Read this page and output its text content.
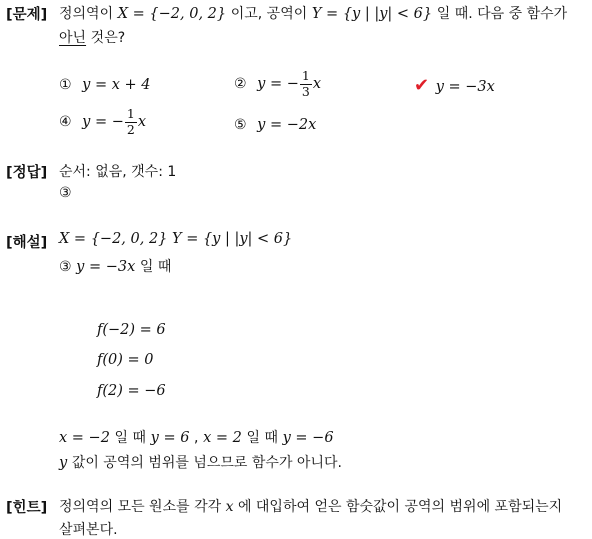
[문제] 정의역이 X = {−2, 0, 2} 이고, 공역이 Y = {y | |y| < 6} 일 때. 다음 중 함수가
아닌 것은?
① y = x + 4	② y = − $\frac{1}{3}$ x	✔ y = −3x
④ y = − $\frac{1}{2}$ x	⑤ y = −2x
[정답] 순서: 없음, 갯수: 1
③
[해설] X = {−2, 0, 2} Y = {y | |y| < 6}
③ y = −3x 일 때
f(−2) = 6
f(0) = 0
f(2) = −6
x = −2 일 때 y = 6 , x = 2 일 때 y = −6
y 값이 공역의 범위를 넘으므로 함수가 아니다.
[힌트] 정의역의 모든 원소를 각각 x 에 대입하여 얻은 함숫값이 공역의 범위에 포함되는지
살펴본다.
